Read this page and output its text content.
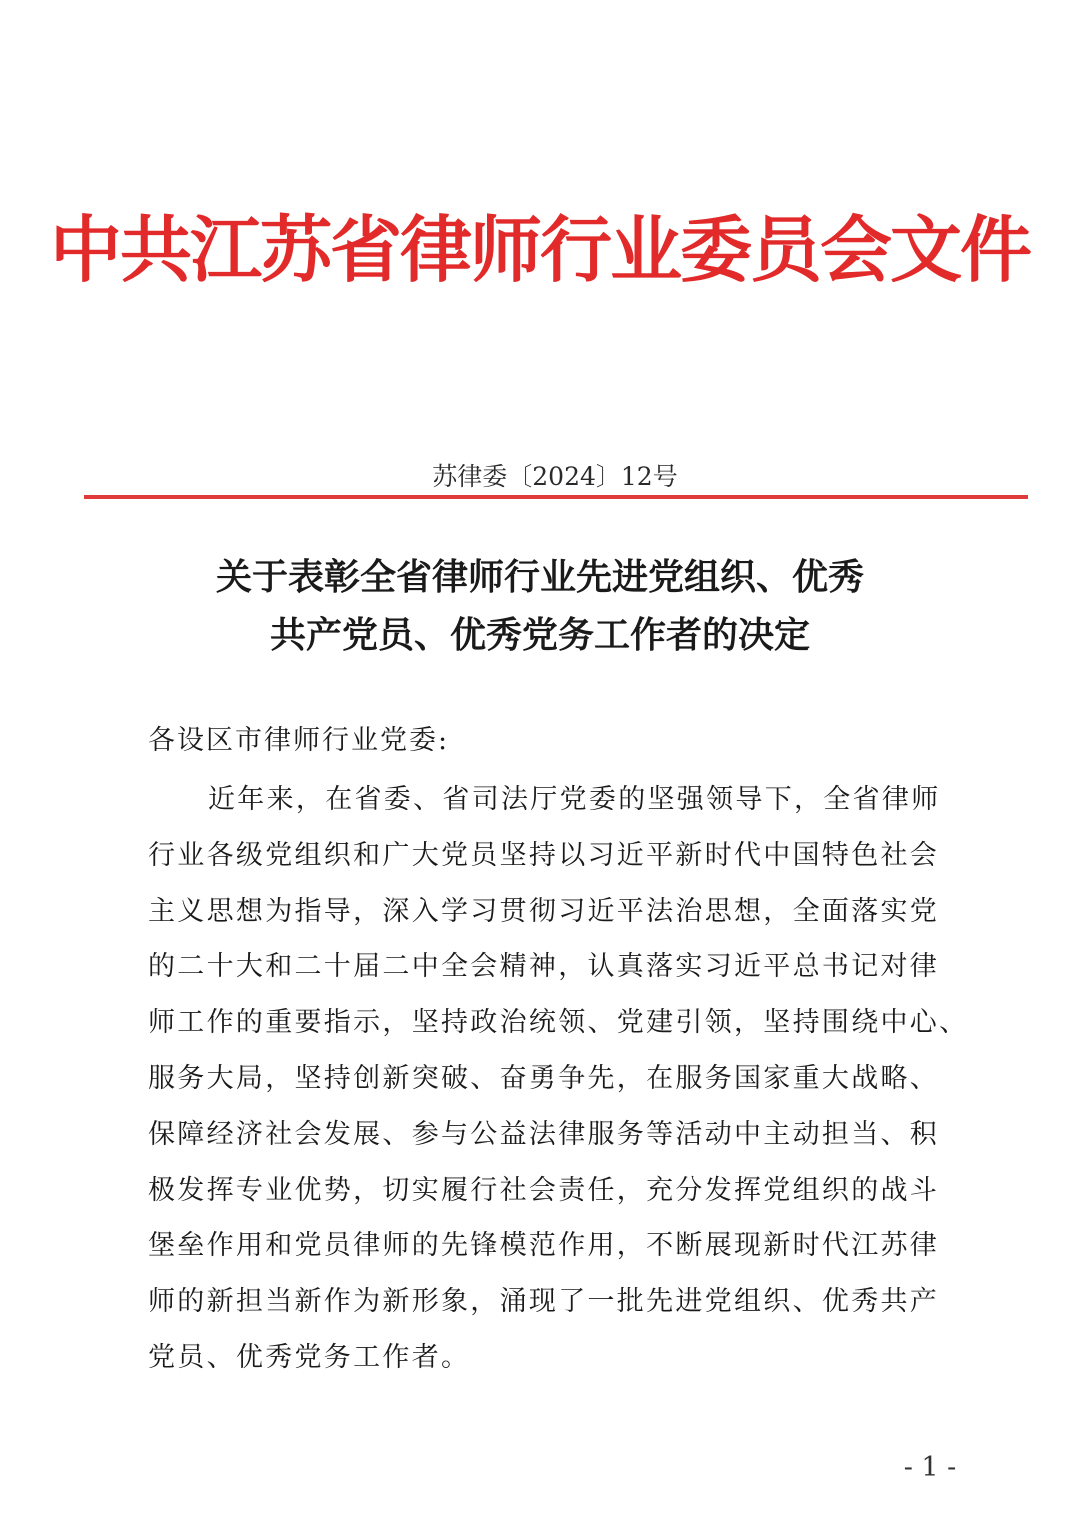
中共江苏省律师行业委员会文件
苏律委〔2024〕12号
关于表彰全省律师行业先进党组织、优秀
共产党员、优秀党务工作者的决定
各设区市律师行业党委:
近年来，在省委、省司法厅党委的坚强领导下，全省律师
行业各级党组织和广大党员坚持以习近平新时代中国特色社会
主义思想为指导，深入学习贯彻习近平法治思想，全面落实党
的二十大和二十届二中全会精神，认真落实习近平总书记对律
师工作的重要指示，坚持政治统领、党建引领，坚持围绕中心、
服务大局，坚持创新突破、奋勇争先，在服务国家重大战略、
保障经济社会发展、参与公益法律服务等活动中主动担当、积
极发挥专业优势，切实履行社会责任，充分发挥党组织的战斗
堡垒作用和党员律师的先锋模范作用，不断展现新时代江苏律
师的新担当新作为新形象，涌现了一批先进党组织、优秀共产
党员、优秀党务工作者。
- 1 -
